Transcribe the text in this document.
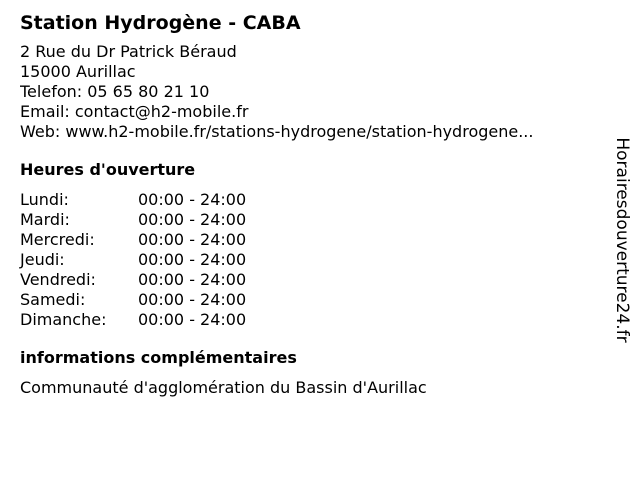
Station Hydrogène - CABA
2 Rue du Dr Patrick Béraud
15000 Aurillac
Telefon: 05 65 80 21 10
Email: contact@h2-mobile.fr
Web: www.h2-mobile.fr/stations-hydrogene/station-hydrogene...
Heures d'ouverture
Lundi:	00:00 - 24:00
Mardi:	00:00 - 24:00
Mercredi:	00:00 - 24:00
Jeudi:	00:00 - 24:00
Vendredi:	00:00 - 24:00
Samedi:	00:00 - 24:00
Dimanche:	00:00 - 24:00
informations complémentaires
Communauté d'agglomération du Bassin d'Aurillac
Horairesdouverture24.fr
